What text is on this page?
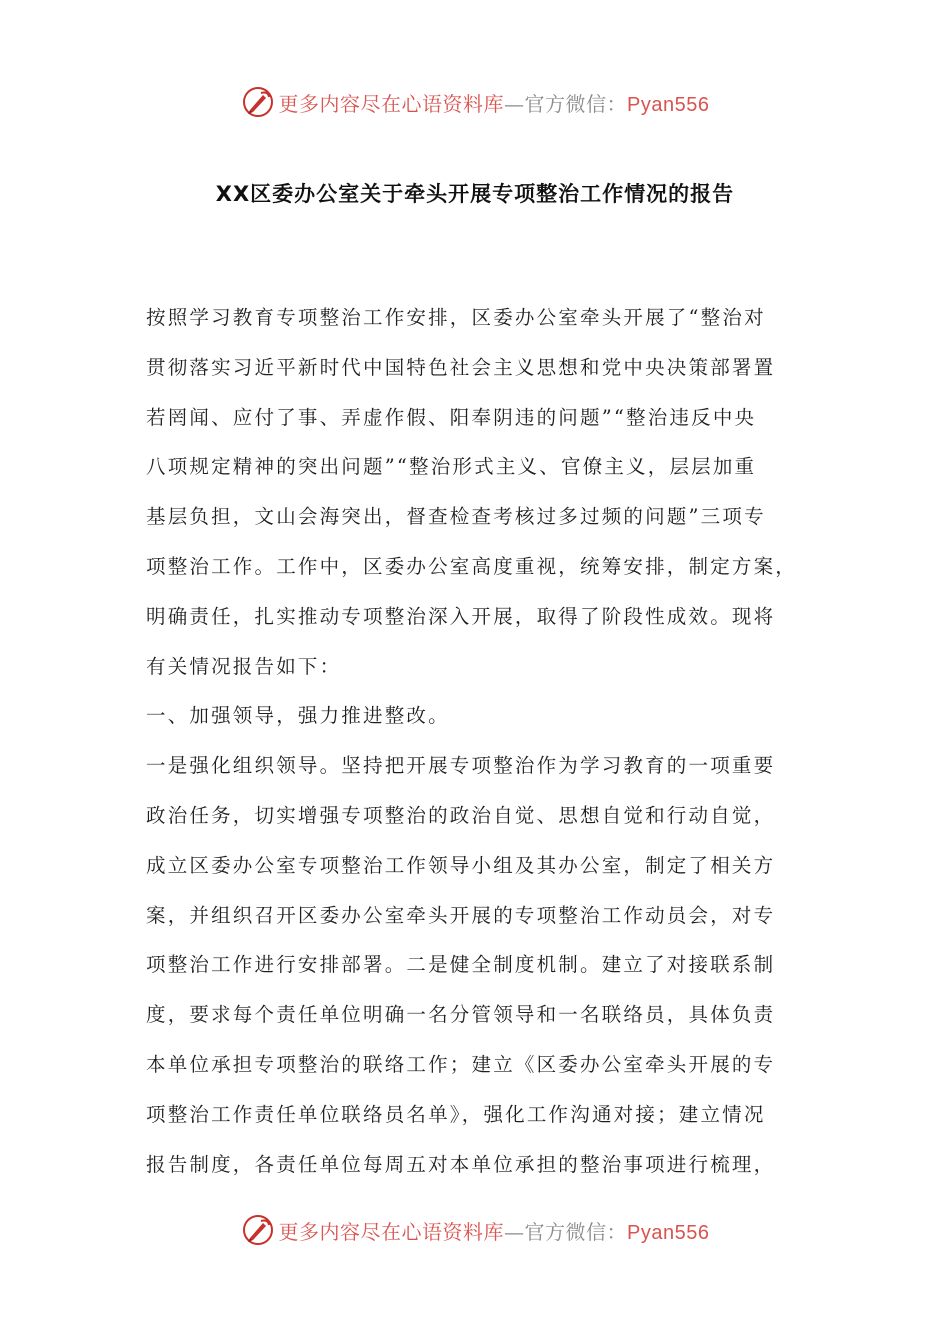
更多内容尽在心语资料库—官方微信：Pyan556
XX区委办公室关于牵头开展专项整治工作情况的报告
按照学习教育专项整治工作安排，区委办公室牵头开展了“整治对
贯彻落实习近平新时代中国特色社会主义思想和党中央决策部署置
若罔闻、应付了事、弄虚作假、阳奉阴违的问题”“整治违反中央
八项规定精神的突出问题”“整治形式主义、官僚主义，层层加重
基层负担，文山会海突出，督查检查考核过多过频的问题”三项专
项整治工作。工作中，区委办公室高度重视，统筹安排，制定方案，
明确责任，扎实推动专项整治深入开展，取得了阶段性成效。现将
有关情况报告如下：
一、加强领导，强力推进整改。
一是强化组织领导。坚持把开展专项整治作为学习教育的一项重要
政治任务，切实增强专项整治的政治自觉、思想自觉和行动自觉，
成立区委办公室专项整治工作领导小组及其办公室，制定了相关方
案，并组织召开区委办公室牵头开展的专项整治工作动员会，对专
项整治工作进行安排部署。二是健全制度机制。建立了对接联系制
度，要求每个责任单位明确一名分管领导和一名联络员，具体负责
本单位承担专项整治的联络工作；建立《区委办公室牵头开展的专
项整治工作责任单位联络员名单》，强化工作沟通对接；建立情况
报告制度，各责任单位每周五对本单位承担的整治事项进行梳理，
更多内容尽在心语资料库—官方微信：Pyan556
